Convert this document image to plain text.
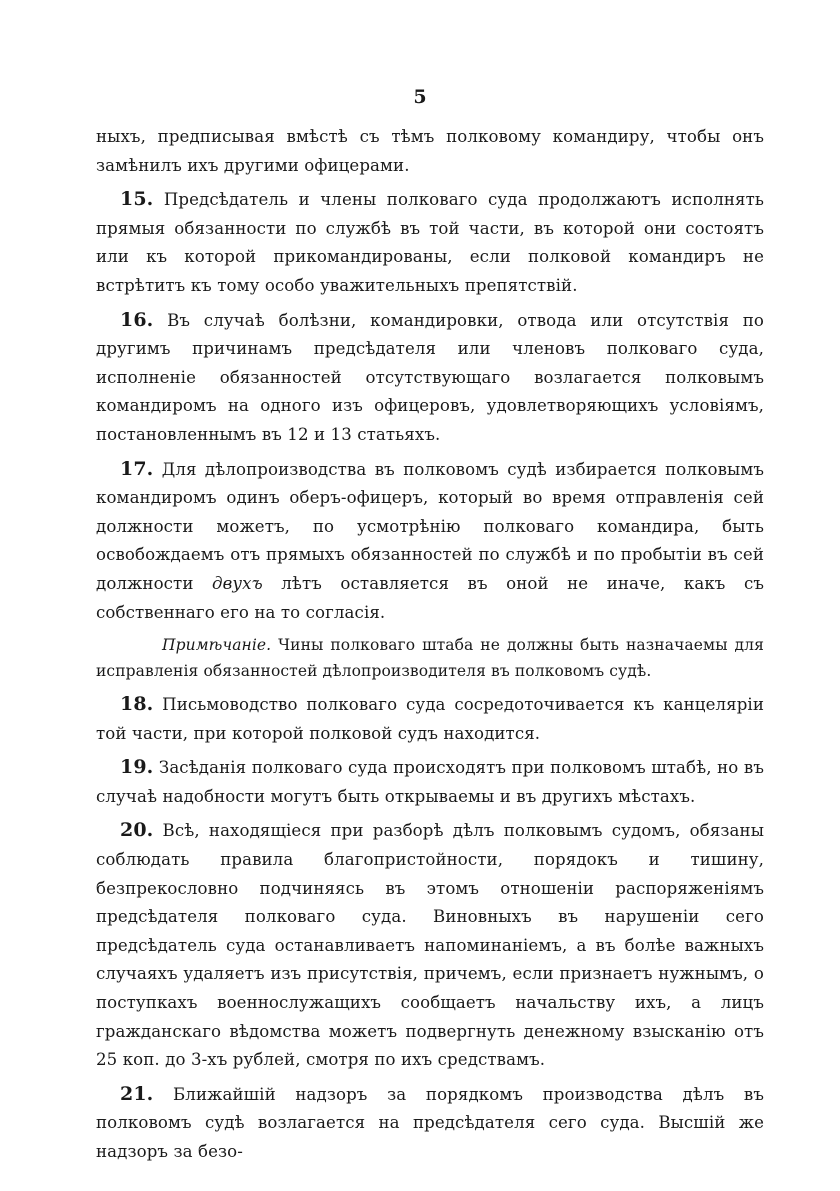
5

ныхъ, предписывая вмѣстѣ съ тѣмъ полковому командиру, чтобы онъ замѣнилъ ихъ другими офицерами.

15. Предсѣдатель и члены полковаго суда продолжаютъ исполнять прямыя обязанности по службѣ въ той части, въ которой они состоятъ или къ которой прикомандированы, если полковой командиръ не встрѣтитъ къ тому особо уважительныхъ препятствій.

16. Въ случаѣ болѣзни, командировки, отвода или отсутствія по другимъ причинамъ предсѣдателя или членовъ полковаго суда, исполненіе обязанностей отсутствующаго возлагается полковымъ командиромъ на одного изъ офицеровъ, удовлетворяющихъ условіямъ, постановленнымъ въ 12 и 13 статьяхъ.

17. Для дѣлопроизводства въ полковомъ судѣ избирается полковымъ командиромъ одинъ оберъ-офицеръ, который во время отправленія сей должности можетъ, по усмотрѣнію полковаго командира, быть освобождаемъ отъ прямыхъ обязанностей по службѣ и по пробытіи въ сей должности двухъ лѣтъ оставляется въ оной не иначе, какъ съ собственнаго его на то согласія.

Примѣчаніе. Чины полковаго штаба не должны быть назначаемы для исправленія обязанностей дѣлопроизводителя въ полковомъ судѣ.

18. Письмоводство полковаго суда сосредоточивается къ канцеляріи той части, при которой полковой судъ находится.

19. Засѣданія полковаго суда происходятъ при полковомъ штабѣ, но въ случаѣ надобности могутъ быть открываемы и въ другихъ мѣстахъ.

20. Всѣ, находящіеся при разборѣ дѣлъ полковымъ судомъ, обязаны соблюдать правила благопристойности, порядокъ и тишину, безпрекословно подчиняясь въ этомъ отношеніи распоряженіямъ предсѣдателя полковаго суда. Виновныхъ въ нарушеніи сего предсѣдатель суда останавливаетъ напоминаніемъ, а въ болѣе важныхъ случаяхъ удаляетъ изъ присутствія, причемъ, если признаетъ нужнымъ, о поступкахъ военнослужащихъ сообщаетъ начальству ихъ, а лицъ гражданскаго вѣдомства можетъ подвергнуть денежному взысканію отъ 25 коп. до 3-хъ рублей, смотря по ихъ средствамъ.

21. Ближайшій надзоръ за порядкомъ производства дѣлъ въ полковомъ судѣ возлагается на предсѣдателя сего суда. Высшій же надзоръ за безо-
